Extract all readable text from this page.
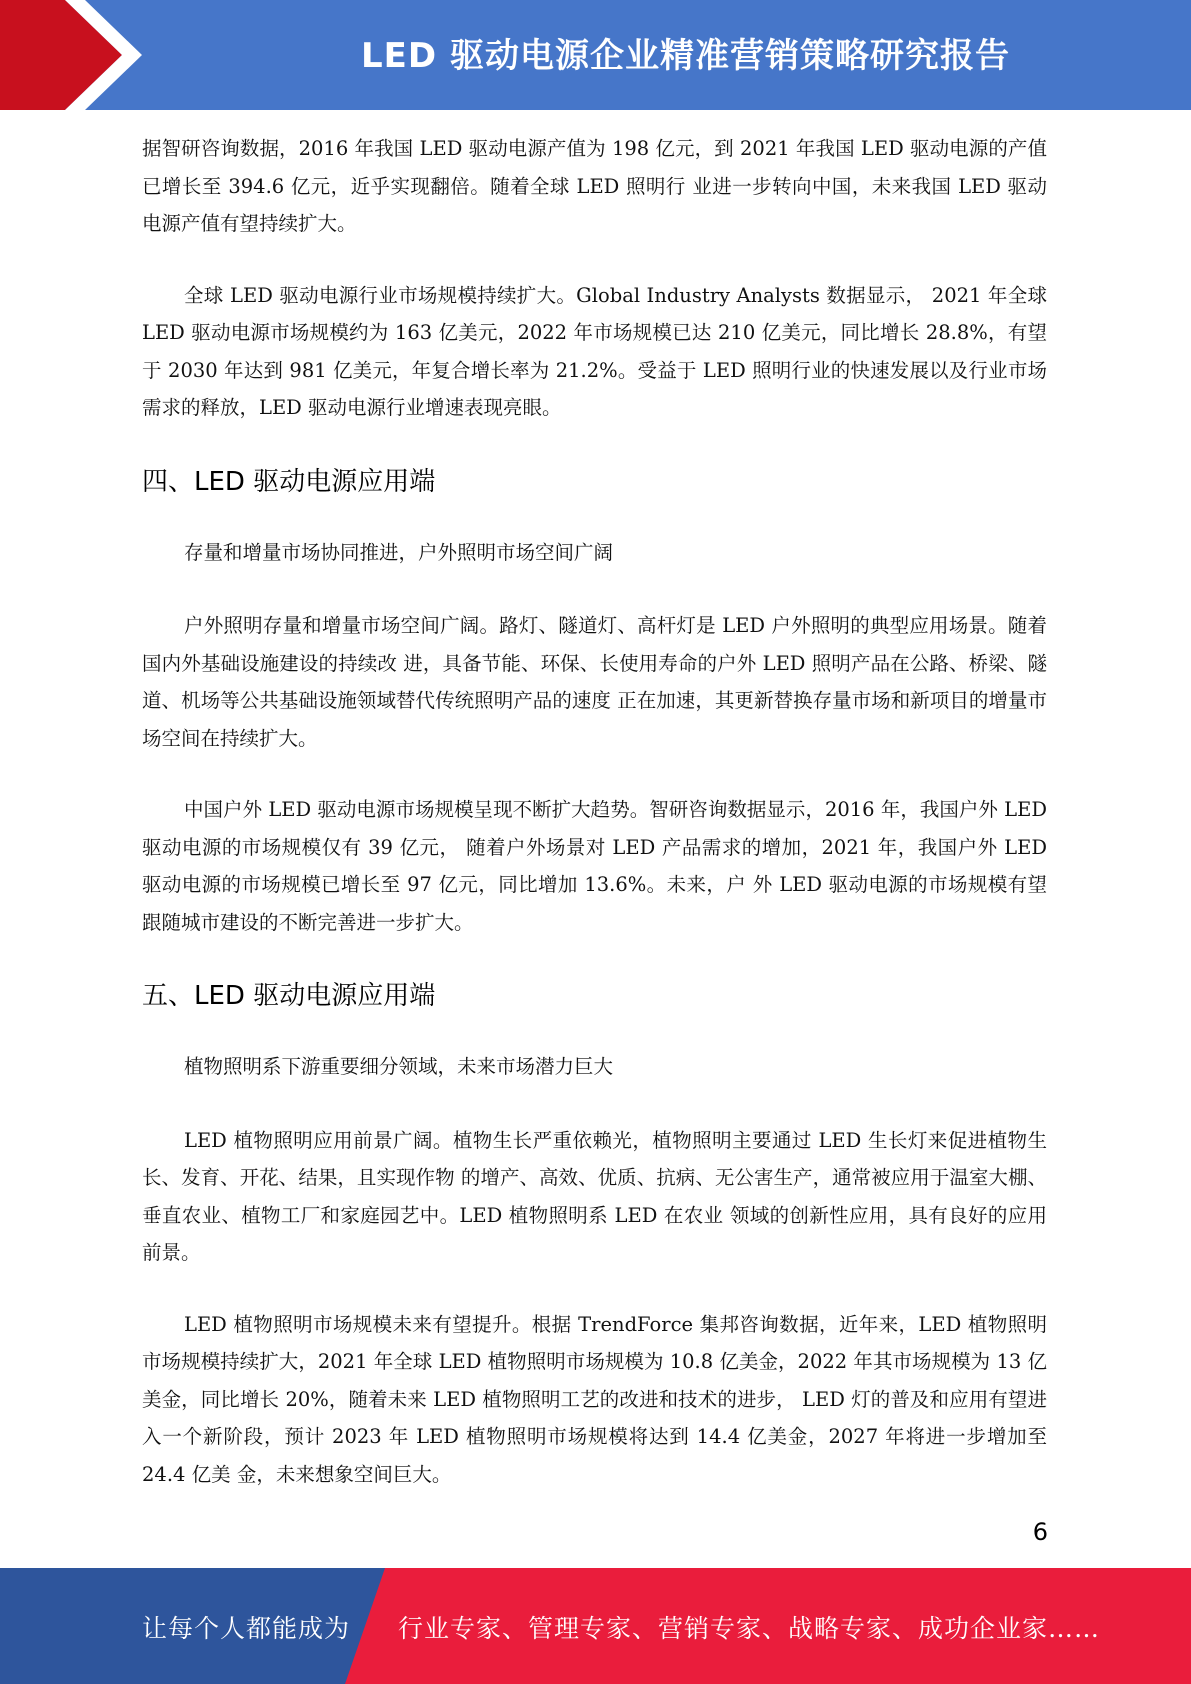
LED 驱动电源企业精准营销策略研究报告

据智研咨询数据，2016 年我国 LED 驱动电源产值为 198 亿元，到 2021 年我国 LED 驱动电源的产值已增长至 394.6 亿元，近乎实现翻倍。随着全球 LED 照明行 业进一步转向中国，未来我国 LED 驱动电源产值有望持续扩大。

全球 LED 驱动电源行业市场规模持续扩大。Global Industry Analysts 数据显示， 2021 年全球 LED 驱动电源市场规模约为 163 亿美元，2022 年市场规模已达 210 亿美元，同比增长 28.8%，有望于 2030 年达到 981 亿美元，年复合增长率为 21.2%。受益于 LED 照明行业的快速发展以及行业市场需求的释放，LED 驱动电源行业增速表现亮眼。

四、LED 驱动电源应用端

存量和增量市场协同推进，户外照明市场空间广阔

户外照明存量和增量市场空间广阔。路灯、隧道灯、高杆灯是 LED 户外照明的典型应用场景。随着国内外基础设施建设的持续改 进，具备节能、环保、长使用寿命的户外 LED 照明产品在公路、桥梁、隧道、机场等公共基础设施领域替代传统照明产品的速度 正在加速，其更新替换存量市场和新项目的增量市场空间在持续扩大。

中国户外 LED 驱动电源市场规模呈现不断扩大趋势。智研咨询数据显示，2016 年，我国户外 LED 驱动电源的市场规模仅有 39 亿元， 随着户外场景对 LED 产品需求的增加，2021 年，我国户外 LED 驱动电源的市场规模已增长至 97 亿元，同比增加 13.6%。未来，户 外 LED 驱动电源的市场规模有望跟随城市建设的不断完善进一步扩大。

五、LED 驱动电源应用端

植物照明系下游重要细分领域，未来市场潜力巨大

LED 植物照明应用前景广阔。植物生长严重依赖光，植物照明主要通过 LED 生长灯来促进植物生长、发育、开花、结果，且实现作物 的增产、高效、优质、抗病、无公害生产，通常被应用于温室大棚、垂直农业、植物工厂和家庭园艺中。LED 植物照明系 LED 在农业 领域的创新性应用，具有良好的应用前景。

LED 植物照明市场规模未来有望提升。根据 TrendForce 集邦咨询数据，近年来，LED 植物照明市场规模持续扩大，2021 年全球 LED 植物照明市场规模为 10.8 亿美金，2022 年其市场规模为 13 亿美金，同比增长 20%，随着未来 LED 植物照明工艺的改进和技术的进步， LED 灯的普及和应用有望进入一个新阶段，预计 2023 年 LED 植物照明市场规模将达到 14.4 亿美金，2027 年将进一步增加至 24.4 亿美 金，未来想象空间巨大。

6
让每个人都能成为 行业专家、管理专家、营销专家、战略专家、成功企业家……
